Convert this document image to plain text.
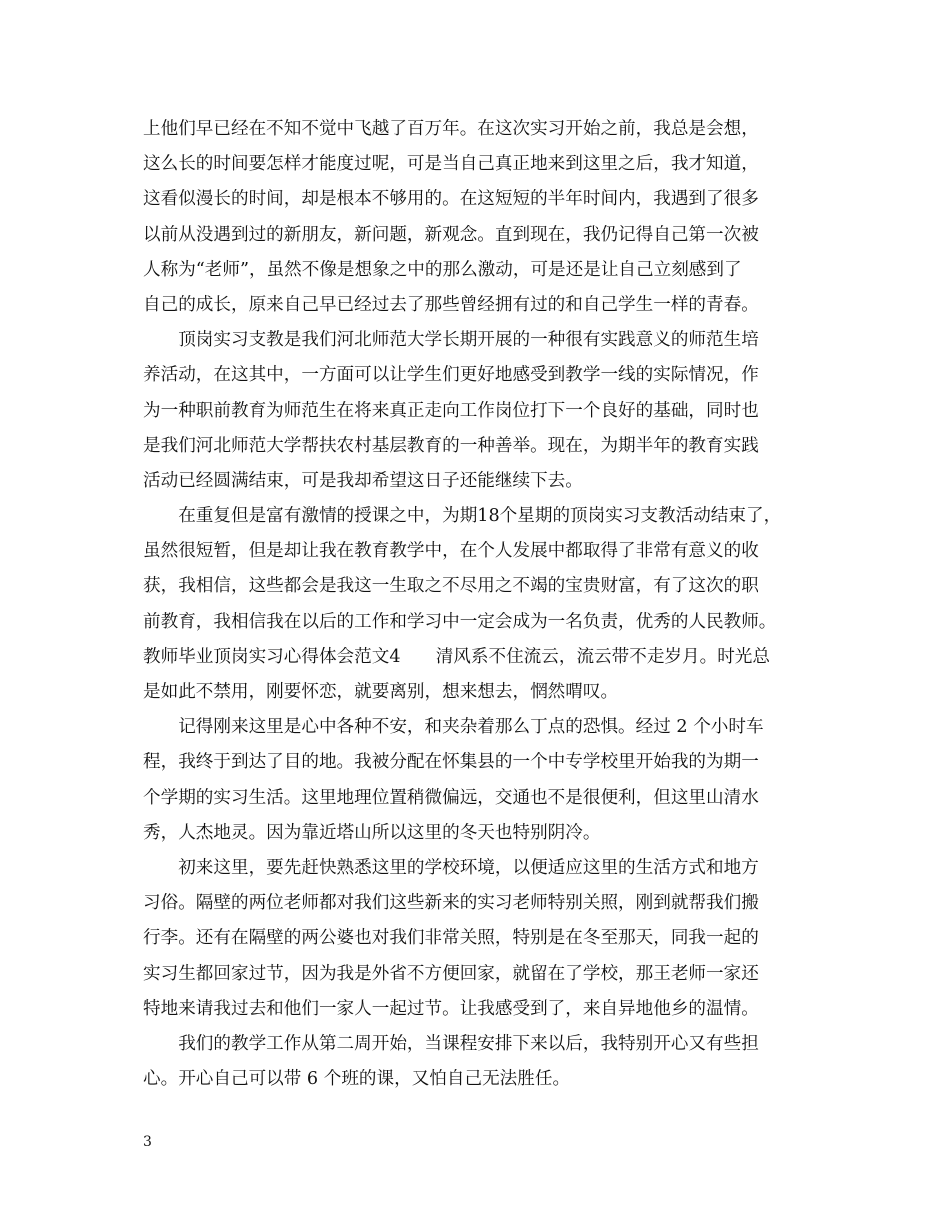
上他们早已经在不知不觉中飞越了百万年。在这次实习开始之前，我总是会想，
这么长的时间要怎样才能度过呢，可是当自己真正地来到这里之后，我才知道，
这看似漫长的时间，却是根本不够用的。在这短短的半年时间内，我遇到了很多
以前从没遇到过的新朋友，新问题，新观念。直到现在，我仍记得自己第一次被
人称为“老师”，虽然不像是想象之中的那么激动，可是还是让自己立刻感到了
自己的成长，原来自己早已经过去了那些曾经拥有过的和自己学生一样的青春。
　　顶岗实习支教是我们河北师范大学长期开展的一种很有实践意义的师范生培
养活动，在这其中，一方面可以让学生们更好地感受到教学一线的实际情况，作
为一种职前教育为师范生在将来真正走向工作岗位打下一个良好的基础，同时也
是我们河北师范大学帮扶农村基层教育的一种善举。现在，为期半年的教育实践
活动已经圆满结束，可是我却希望这日子还能继续下去。
　　在重复但是富有激情的授课之中，为期18个星期的顶岗实习支教活动结束了，
虽然很短暂，但是却让我在教育教学中，在个人发展中都取得了非常有意义的收
获，我相信，这些都会是我这一生取之不尽用之不竭的宝贵财富，有了这次的职
前教育，我相信我在以后的工作和学习中一定会成为一名负责，优秀的人民教师。
教师毕业顶岗实习心得体会范文4　　清风系不住流云，流云带不走岁月。时光总
是如此不禁用，刚要怀恋，就要离别，想来想去，惘然喟叹。
　　记得刚来这里是心中各种不安，和夹杂着那么丁点的恐惧。经过 2 个小时车
程，我终于到达了目的地。我被分配在怀集县的一个中专学校里开始我的为期一
个学期的实习生活。这里地理位置稍微偏远，交通也不是很便利，但这里山清水
秀，人杰地灵。因为靠近塔山所以这里的冬天也特别阴冷。
　　初来这里，要先赶快熟悉这里的学校环境，以便适应这里的生活方式和地方
习俗。隔壁的两位老师都对我们这些新来的实习老师特别关照，刚到就帮我们搬
行李。还有在隔壁的两公婆也对我们非常关照，特别是在冬至那天，同我一起的
实习生都回家过节，因为我是外省不方便回家，就留在了学校，那王老师一家还
特地来请我过去和他们一家人一起过节。让我感受到了，来自异地他乡的温情。
　　我们的教学工作从第二周开始，当课程安排下来以后，我特别开心又有些担
心。开心自己可以带 6 个班的课，又怕自己无法胜任。
3
